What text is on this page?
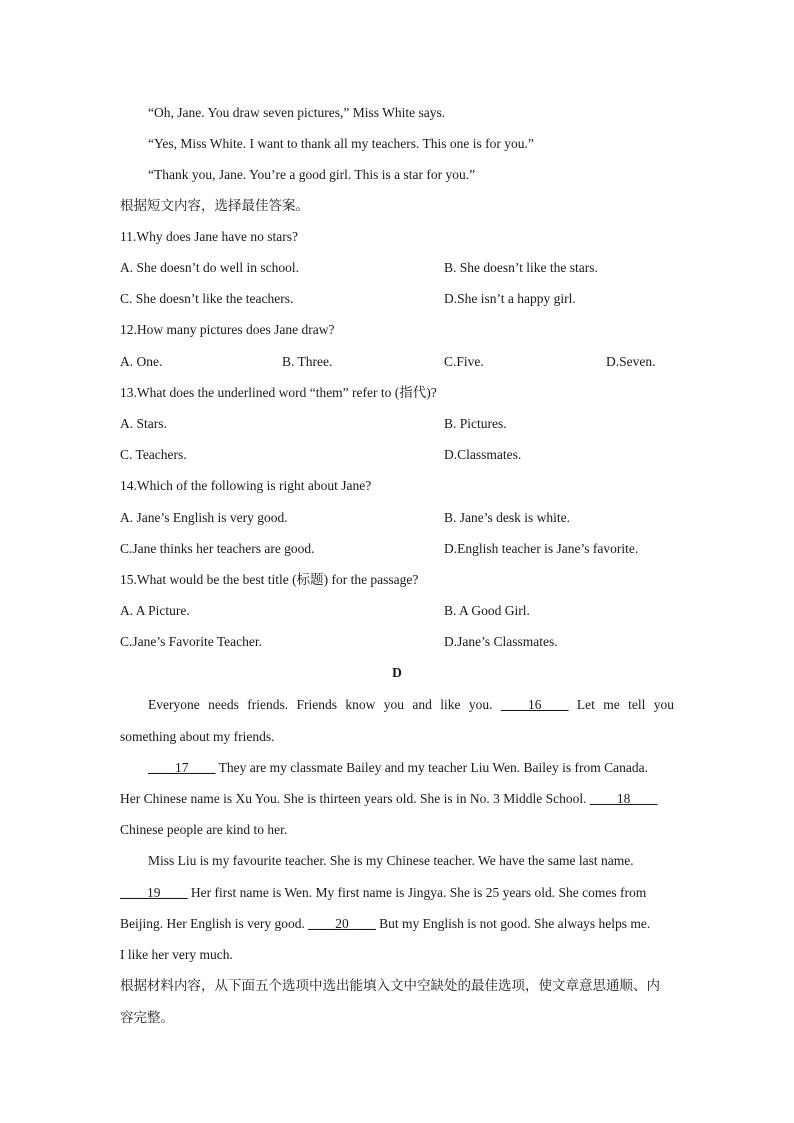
“Oh, Jane. You draw seven pictures,” Miss White says.
“Yes, Miss White. I want to thank all my teachers. This one is for you.”
“Thank you, Jane. You’re a good girl. This is a star for you.”
根据短文内容，选择最佳答案。
11.Why does Jane have no stars?
A. She doesn’t do well in school.	B. She doesn’t like the stars.
C. She doesn’t like the teachers.	D.She isn’t a happy girl.
12.How many pictures does Jane draw?
A. One.	B. Three.	C.Five.	D.Seven.
13.What does the underlined word “them” refer to (指代)?
A. Stars.	B. Pictures.
C. Teachers.	D.Classmates.
14.Which of the following is right about Jane?
A. Jane’s English is very good.	B. Jane’s desk is white.
C.Jane thinks her teachers are good.	D.English teacher is Jane’s favorite.
15.What would be the best title (标题) for the passage?
A. A Picture.	B. A Good Girl.
C.Jane’s Favorite Teacher.	D.Jane’s Classmates.
D
Everyone needs friends. Friends know you and like you. ____16____ Let me tell you
something about my friends.
____17____ They are my classmate Bailey and my teacher Liu Wen. Bailey is from Canada.
Her Chinese name is Xu You. She is thirteen years old. She is in No. 3 Middle School. ____18____
Chinese people are kind to her.
Miss Liu is my favourite teacher. She is my Chinese teacher. We have the same last name.
____19____ Her first name is Wen. My first name is Jingya. She is 25 years old. She comes from
Beijing. Her English is very good. ____20____ But my English is not good. She always helps me.
I like her very much.
根据材料内容，从下面五个选项中选出能填入文中空缺处的最佳选项，使文章意思通顺、内
容完整。
